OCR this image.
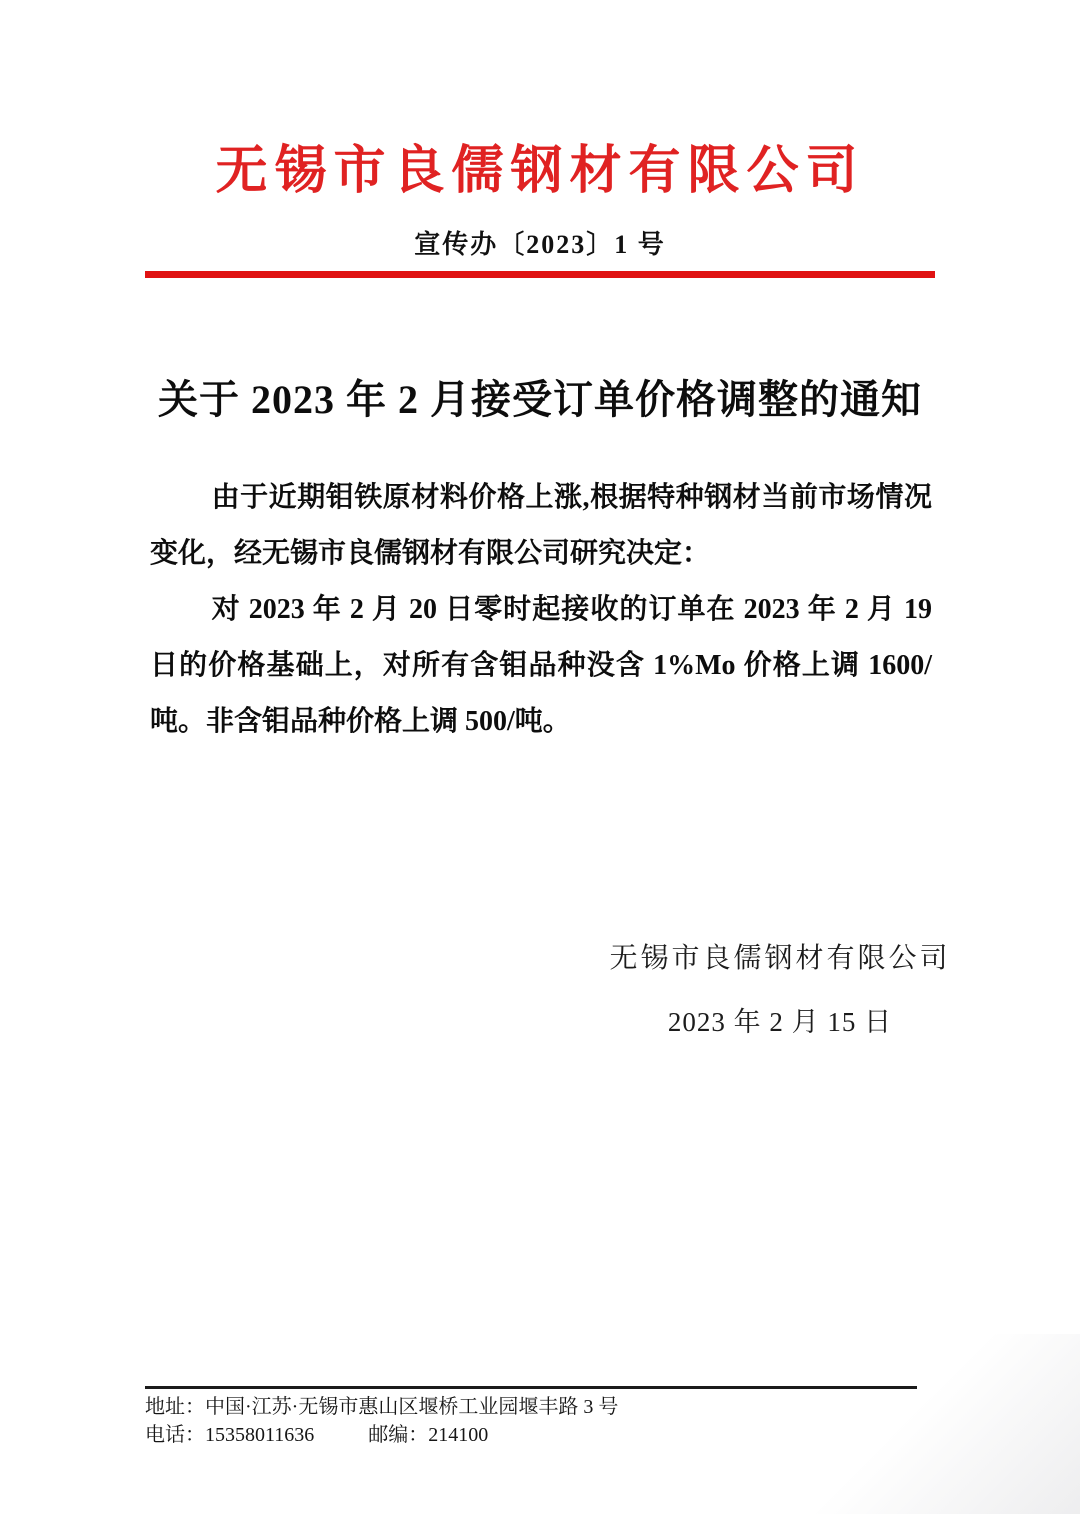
无锡市良儒钢材有限公司
宣传办〔2023〕1 号
关于 2023 年 2 月接受订单价格调整的通知

由于近期钼铁原材料价格上涨,根据特种钢材当前市场情况变化，经无锡市良儒钢材有限公司研究决定：

对 2023 年 2 月 20 日零时起接收的订单在 2023 年 2 月 19 日的价格基础上，对所有含钼品种没含 1%Mo 价格上调 1600/吨。非含钼品种价格上调 500/吨。

无锡市良儒钢材有限公司
2023 年 2 月 15 日
地址：中国·江苏·无锡市惠山区堰桥工业园堰丰路 3 号
电话：15358011636	邮编：214100
